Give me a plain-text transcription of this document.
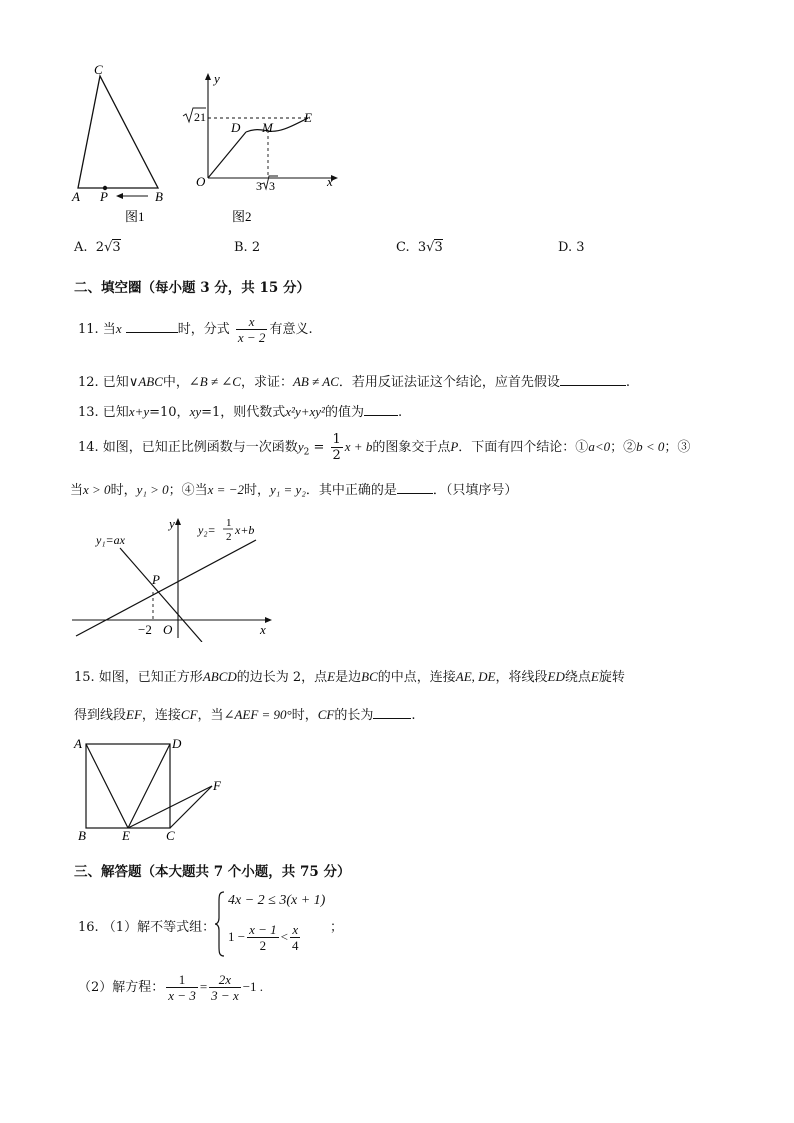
C
A P	B
图1
y
21
D M
E
O	3 3	x
图2
A. 2√3	B. 2	C. 3√3	D. 3
二、填空圈（每小题 3 分，共 15 分）
11. 当x	时，分式 $\frac{x}{x - 2}$ 有意义.
12. 已知∨ABC中，∠B ≠ ∠C，求证：AB ≠ AC．若用反证法证这个结论，应首先假设	.
13. 已知x+y=10，xy=1，则代数式x²y+xy²的值为	.
14. 如图，已知正比例函数与一次函数$y_2 = \frac{1}{2}$ x + b的图象交于点P．下面有四个结论：①a<0；②b < 0；③
当x > 0时，y₁ > 0；④当x = −2时，y₁ = y₂．其中正确的是	．（只填序号）
y₁=ax
y₂= 1
2 x+b
y
P
−2 O	x
15. 如图，已知正方形ABCD的边长为 2，点E是边BC的中点，连接AE, DE，将线段ED绕点E旋转
得到线段EF，连接CF，当∠AEF = 90°时，CF的长为	.
A	D
F
B	E	C
三、解答题（本大题共 7 个小题，共 75 分）
16. （1）解不等式组：
4x − 2 ≤ 3(x + 1)
$1 - \frac{x - 1}{2} < \frac{x}{4}$ ；
（2）解方程： $\frac{1}{x - 3} = \frac{2x}{3 - x} -1$ .
